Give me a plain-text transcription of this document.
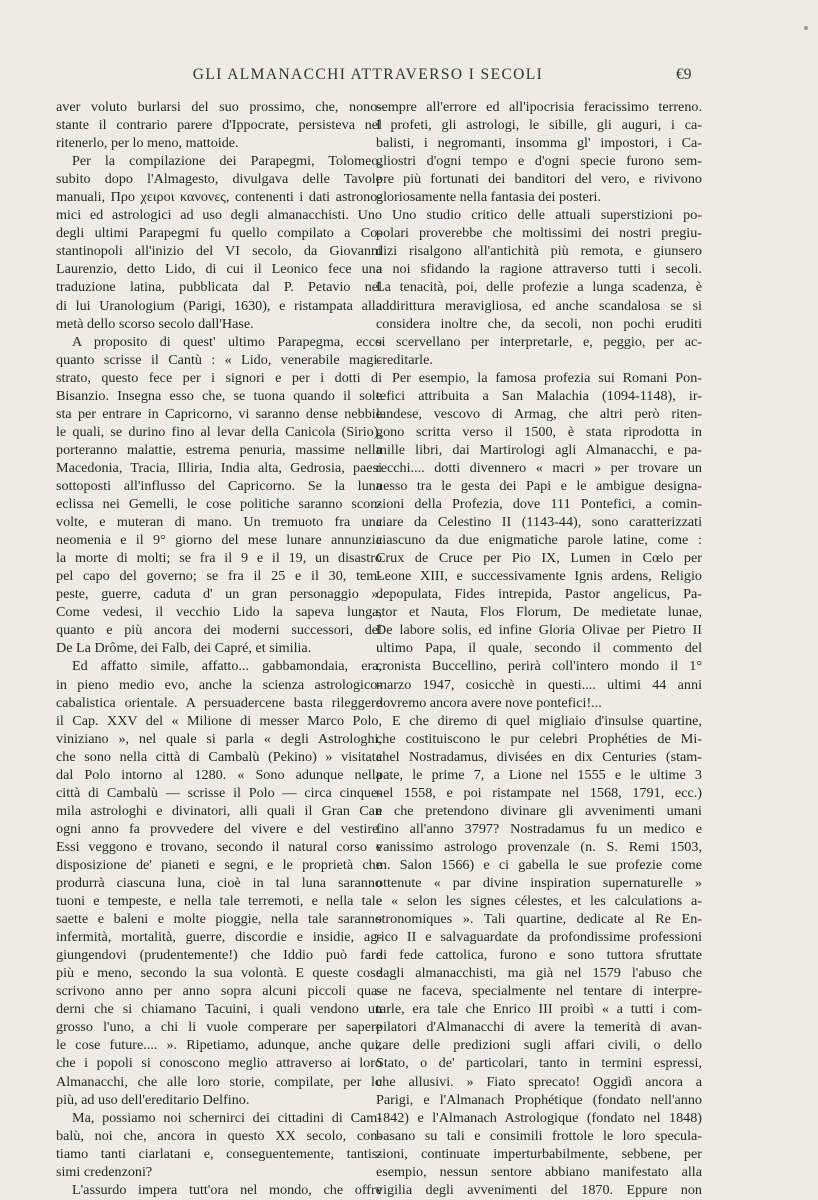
GLI ALMANACCHI ATTRAVERSO I SECOLI	€9
aver voluto burlarsi del suo prossimo, che, nono-
stante il contrario parere d'Ippocrate, persisteva nel
ritenerlo, per lo meno, mattoide.
Per la compilazione dei Parapegmi, Tolomeo,
subito dopo l'Almagesto, divulgava delle Tavole
manuali, Προ χειροι κανονες, contenenti i dati astrono-
mici ed astrologici ad uso degli almanacchisti. Uno
degli ultimi Parapegmi fu quello compilato a Co-
stantinopoli all'inizio del VI secolo, da Giovanni
Laurenzio, detto Lido, di cui il Leonico fece una
traduzione latina, pubblicata dal P. Petavio nel
di lui Uranologium (Parigi, 1630), e ristampata alla
metà dello scorso secolo dall'Hase.
A proposito di quest' ultimo Parapegma, ecco
quanto scrisse il Cantù : « Lido, venerabile magi-
strato, questo fece per i signori e per i dotti di
Bisanzio. Insegna esso che, se tuona quando il sole
sta per entrare in Capricorno, vi saranno dense nebbie
le quali, se durino fino al levar della Canicola (Sirio),
porteranno malattie, estrema penuria, massime nella
Macedonia, Tracia, Illiria, India alta, Gedrosia, paesi
sottoposti all'influsso del Capricorno. Se la luna
eclissa nei Gemelli, le cose politiche saranno scon-
volte, e muteran di mano. Un tremuoto fra una
neomenia e il 9° giorno del mese lunare annunzia
la morte di molti; se fra il 9 e il 19, un disastro
pel capo del governo; se fra il 25 e il 30, tem-
peste, guerre, caduta d' un gran personaggio ».
Come vedesi, il vecchio Lido la sapeva lunga,
quanto e più ancora dei moderni successori, del
De La Drôme, dei Falb, dei Capré, et similia.
Ed affatto simile, affatto... gabbamondaia, era,
in pieno medio evo, anche la scienza astrologico-
cabalistica orientale. A persuadercene basta rileggere
il Cap. XXV del « Milione di messer Marco Polo,
viniziano », nel quale si parla « degli Astrologhi,
che sono nella città di Cambalù (Pekino) » visitata
dal Polo intorno al 1280. « Sono adunque nella
città di Cambalù — scrisse il Polo — circa cinque-
mila astrologhi e divinatori, alli quali il Gran Can
ogni anno fa provvedere del vivere e del vestire.
Essi veggono e trovano, secondo il natural corso e
disposizione de' pianeti e segni, e le proprietà che
produrrà ciascuna luna, cioè in tal luna saranno
tuoni e tempeste, e nella tale terremoti, e nella tale
saette e baleni e molte pioggie, nella tale saranno
infermità, mortalità, guerre, discordie e insidie, ag-
giungendovi (prudentemente!) che Iddio può fare
più e meno, secondo la sua volontà. E queste cose
scrivono anno per anno sopra alcuni piccoli qua-
derni che si chiamano Tacuini, i quali vendono un
grosso l'uno, a chi li vuole comperare per sapere
le cose future.... ». Ripetiamo, adunque, anche qui,
che i popoli si conoscono meglio attraverso ai loro
Almanacchi, che alle loro storie, compilate, per lo
più, ad uso dell'ereditario Delfino.
Ma, possiamo noi schernirci dei cittadini di Cam-
balù, noi che, ancora in questo XX secolo, con-
tiamo tanti ciarlatani e, conseguentemente, tantis-
simi credenzoni?
L'assurdo impera tutt'ora nel mondo, che offre
sempre all'errore ed all'ipocrisia feracissimo terreno.
I profeti, gli astrologi, le sibille, gli auguri, i ca-
balisti, i negromanti, insomma gl' impostori, i Ca-
gliostri d'ogni tempo e d'ogni specie furono sem-
pre più fortunati dei banditori del vero, e rivivono
gloriosamente nella fantasia dei posteri.
Uno studio critico delle attuali superstizioni po-
polari proverebbe che moltissimi dei nostri pregiu-
dizi risalgono all'antichità più remota, e giunsero
a noi sfidando la ragione attraverso tutti i secoli.
La tenacità, poi, delle profezie a lunga scadenza, è
addirittura meravigliosa, ed anche scandalosa se si
considera inoltre che, da secoli, non pochi eruditi
si scervellano per interpretarle, e, peggio, per ac-
creditarle.
Per esempio, la famosa profezia sui Romani Pon-
tefici attribuita a San Malachia (1094-1148), ir-
landese, vescovo di Armag, che altri però riten-
gono scritta verso il 1500, è stata riprodotta in
mille libri, dai Martirologi agli Almanacchi, e pa-
recchi.... dotti divennero « macri » per trovare un
nesso tra le gesta dei Papi e le ambigue designa-
zioni della Profezia, dove 111 Pontefici, a comin-
ciare da Celestino II (1143-44), sono caratterizzati
ciascuno da due enigmatiche parole latine, come :
Crux de Cruce per Pio IX, Lumen in Cœlo per
Leone XIII, e successivamente Ignis ardens, Religio
depopulata, Fides intrepida, Pastor angelicus, Pa-
stor et Nauta, Flos Florum, De medietate lunae,
De labore solis, ed infine Gloria Olivae per Pietro II
ultimo Papa, il quale, secondo il commento del
cronista Buccellino, perirà coll'intero mondo il 1°
marzo 1947, cosicchè in questi.... ultimi 44 anni
dovremo ancora avere nove pontefici!...
E che diremo di quel migliaio d'insulse quartine,
che costituiscono le pur celebri Prophéties de Mi-
chel Nostradamus, divisées en dix Centuries (stam-
pate, le prime 7, a Lione nel 1555 e le ultime 3
nel 1558, e poi ristampate nel 1568, 1791, ecc.)
e che pretendono divinare gli avvenimenti umani
fino all'anno 3797? Nostradamus fu un medico e
vanissimo astrologo provenzale (n. S. Remi 1503,
m. Salon 1566) e ci gabella le sue profezie come
ottenute « par divine inspiration supernaturelle »
e « selon les signes célestes, et les calculations a-
stronomiques ». Tali quartine, dedicate al Re En-
rico II e salvaguardate da profondissime professioni
di fede cattolica, furono e sono tuttora sfruttate
dagli almanacchisti, ma già nel 1579 l'abuso che
se ne faceva, specialmente nel tentare di interpre-
tarle, era tale che Enrico III proibì « a tutti i com-
pilatori d'Almanacchi di avere la temerità di avan-
zare delle predizioni sugli affari civili, o dello
Stato, o de' particolari, tanto in termini espressi,
che allusivi. » Fiato sprecato! Oggidì ancora a
Parigi, e l'Almanach Prophétique (fondato nell'anno
1842) e l'Almanach Astrologique (fondato nel 1848)
basano su tali e consimili frottole le loro specula-
zioni, continuate imperturbabilmente, sebbene, per
esempio, nessun sentore abbiano manifestato alla
vigilia degli avvenimenti del 1870. Eppure non
